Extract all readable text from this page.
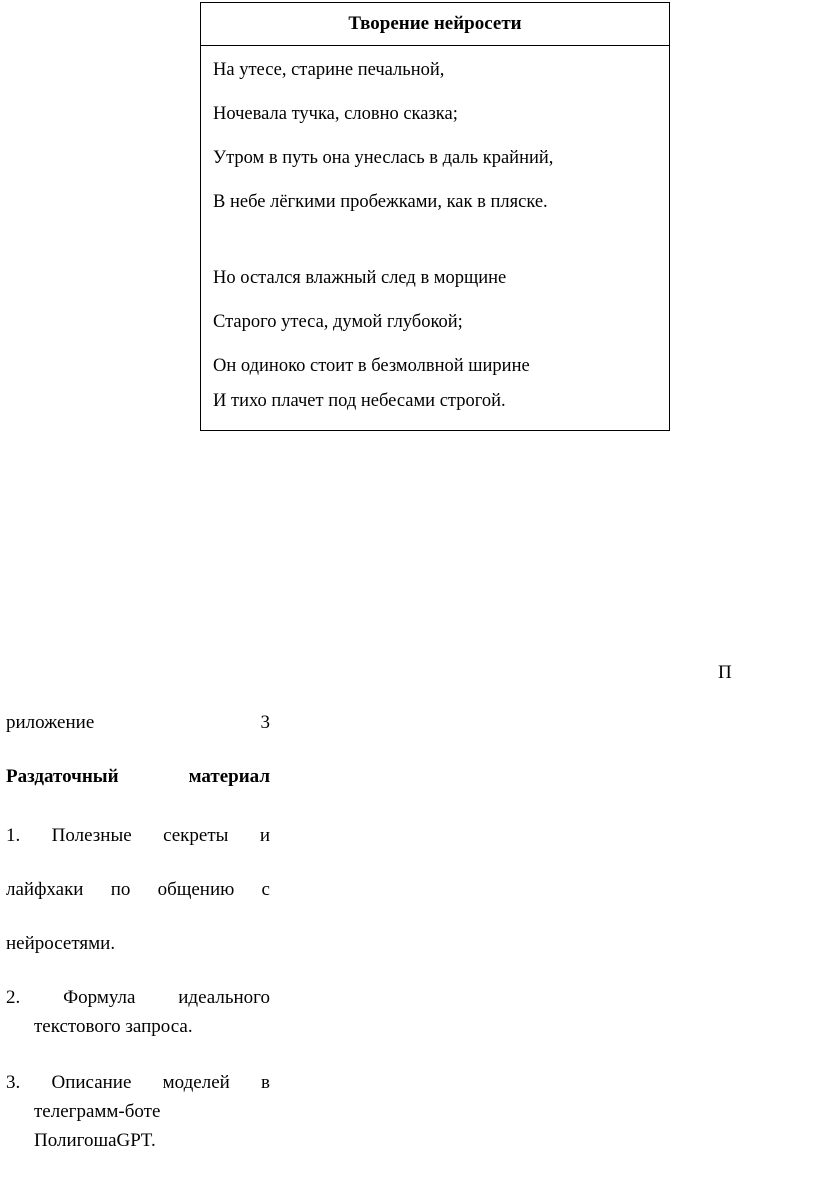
Творение нейросети

На утесе, старине печальной,

Ночевала тучка, словно сказка;

Утром в путь она унеслась в даль крайний,

В небе лёгкими пробежками, как в пляске.

Но остался влажный след в морщине

Старого утеса, думой глубокой;

Он одиноко стоит в безмолвной ширине

И тихо плачет под небесами строгой.

П
риложение	3
Раздаточный материал

1. Полезные секреты и

лайфхаки по общению с

нейросетями.

2. Формула идеального

текстового запроса.

3. Описание моделей в

телеграмм-боте

ПолигошаGPT.
